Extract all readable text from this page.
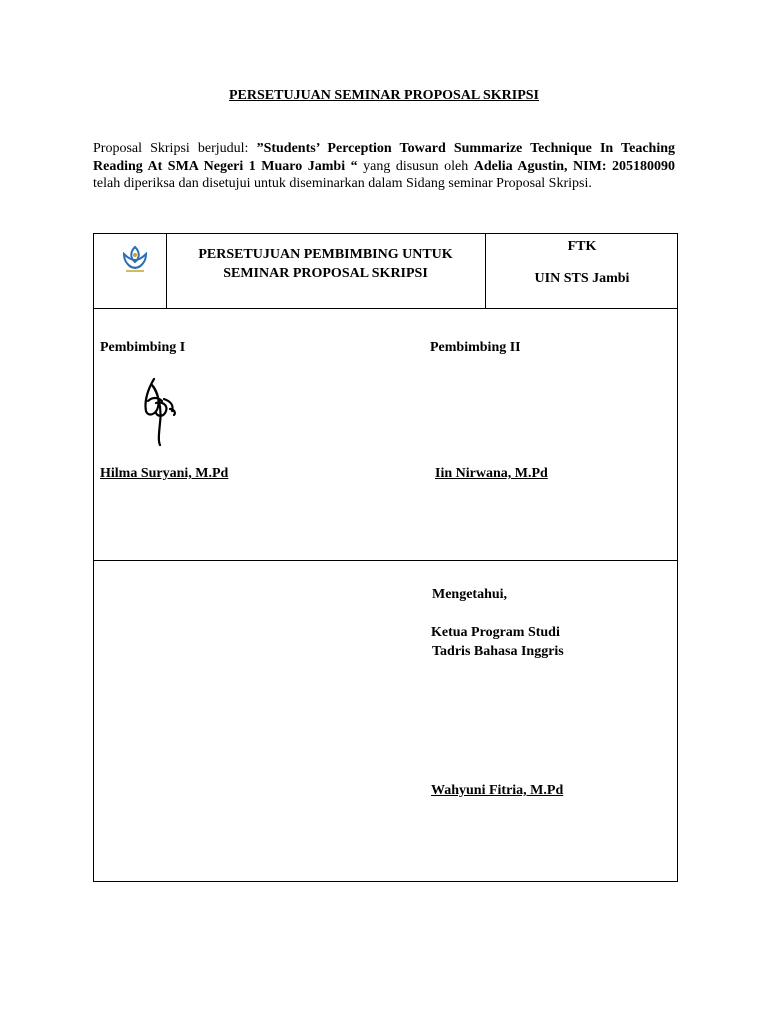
PERSETUJUAN SEMINAR PROPOSAL SKRIPSI
Proposal Skripsi berjudul: ”Students’ Perception Toward Summarize Technique In Teaching Reading At SMA Negeri 1 Muaro Jambi “ yang disusun oleh Adelia Agustin, NIM: 205180090 telah diperiksa dan disetujui untuk diseminarkan dalam Sidang seminar Proposal Skripsi.
PERSETUJUAN PEMBIMBING UNTUK
SEMINAR PROPOSAL SKRIPSI
FTK
UIN STS Jambi
Pembimbing I	Pembimbing II
Hilma Suryani, M.Pd	Iin Nirwana, M.Pd
Mengetahui,
Ketua Program Studi
Tadris Bahasa Inggris
Wahyuni Fitria, M.Pd
